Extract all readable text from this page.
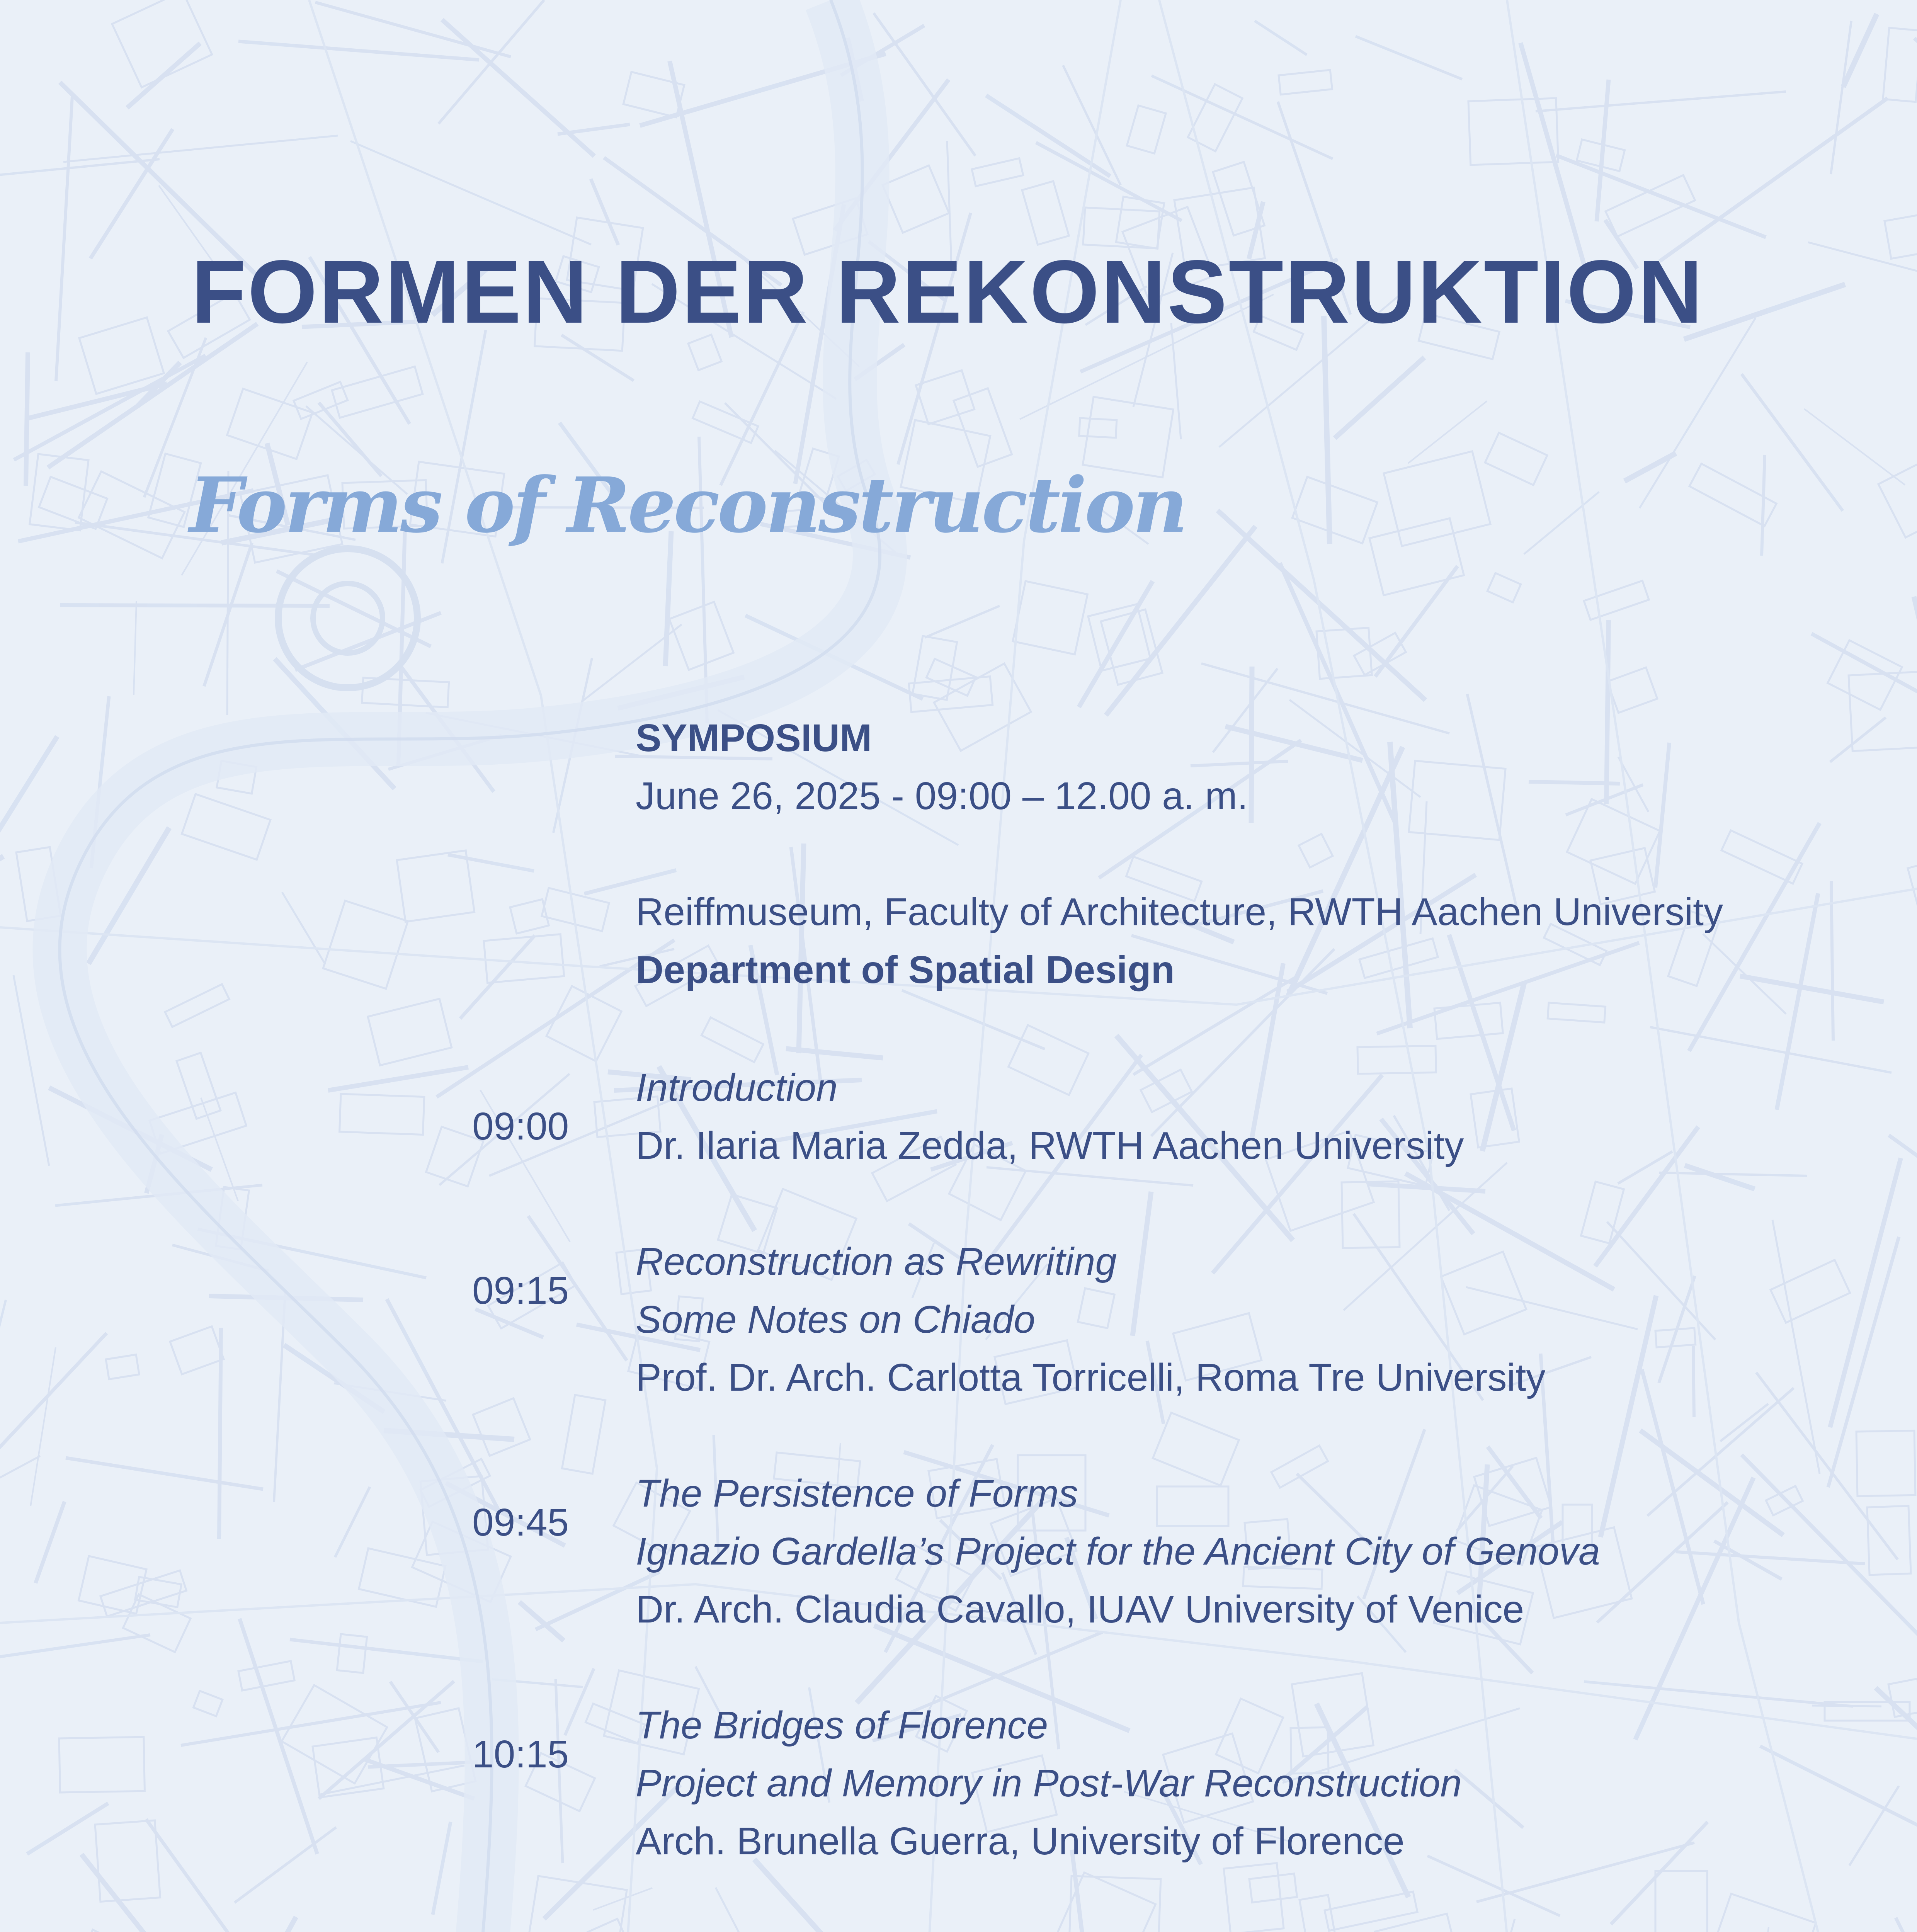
FORMEN DER REKONSTRUKTION
Forms of Reconstruction
SYMPOSIUM
June 26, 2025 - 09:00 – 12.00 a. m.
Reiffmuseum, Faculty of Architecture, RWTH Aachen University
Department of Spatial Design
09:00
Introduction
Dr. Ilaria Maria Zedda, RWTH Aachen University
09:15
Reconstruction as Rewriting
Some Notes on Chiado
Prof. Dr. Arch. Carlotta Torricelli, Roma Tre University
09:45
The Persistence of Forms
Ignazio Gardella’s Project for the Ancient City of Genova
Dr. Arch. Claudia Cavallo, IUAV University of Venice
10:15
The Bridges of Florence
Project and Memory in Post-War Reconstruction
Arch. Brunella Guerra, University of Florence
